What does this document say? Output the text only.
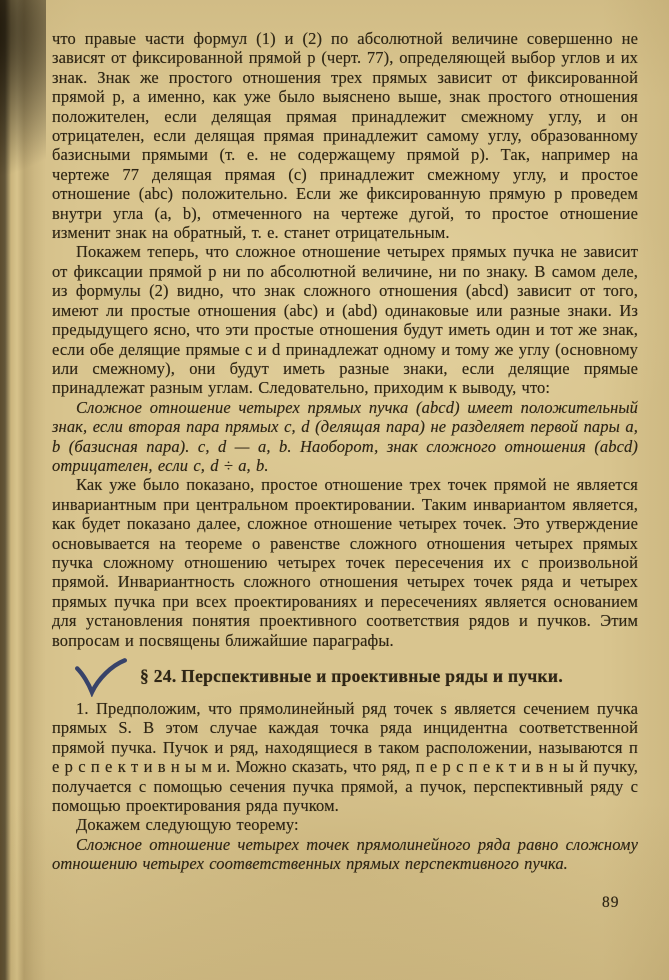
что правые части формул (1) и (2) по абсолютной величине совершенно не зависят от фиксированной прямой p (черт. 77), определяющей выбор углов и их знак. Знак же простого отношения трех прямых зависит от фиксированной прямой p, а именно, как уже было выяснено выше, знак простого отношения положителен, если делящая прямая принадлежит смежному углу, и он отрицателен, если делящая прямая принадлежит самому углу, образованному базисными прямыми (т. е. не содержащему прямой p). Так, например на чертеже 77 делящая прямая (c) принадлежит смежному углу, и простое отношение (abc) положительно. Если же фиксированную прямую p проведем внутри угла (a, b), отмеченного на чертеже дугой, то простое отношение изменит знак на обратный, т. е. станет отрицательным.

Покажем теперь, что сложное отношение четырех прямых пучка не зависит от фиксации прямой p ни по абсолютной величине, ни по знаку. В самом деле, из формулы (2) видно, что знак сложного отношения (abcd) зависит от того, имеют ли простые отношения (abc) и (abd) одинаковые или разные знаки. Из предыдущего ясно, что эти простые отношения будут иметь один и тот же знак, если обе делящие прямые c и d принадлежат одному и тому же углу (основному или смежному), они будут иметь разные знаки, если делящие прямые принадлежат разным углам. Следовательно, приходим к выводу, что:

Сложное отношение четырех прямых пучка (abcd) имеет положительный знак, если вторая пара прямых c, d (делящая пара) не разделяет первой пары a, b (базисная пара). c, d — a, b. Наоборот, знак сложного отношения (abcd) отрицателен, если c, d ÷ a, b.

Как уже было показано, простое отношение трех точек прямой не является инвариантным при центральном проектировании. Таким инвариантом является, как будет показано далее, сложное отношение четырех точек. Это утверждение основывается на теореме о равенстве сложного отношения четырех прямых пучка сложному отношению четырех точек пересечения их с произвольной прямой. Инвариантность сложного отношения четырех точек ряда и четырех прямых пучка при всех проектированиях и пересечениях является основанием для установления понятия проективного соответствия рядов и пучков. Этим вопросам и посвящены ближайшие параграфы.

§ 24. Перспективные и проективные ряды и пучки.

1. Предположим, что прямолинейный ряд точек s является сечением пучка прямых S. В этом случае каждая точка ряда инцидентна соответственной прямой пучка. Пучок и ряд, находящиеся в таком расположении, называются п е р с п е к т и в н ы м и. Можно сказать, что ряд, п е р с п е к т и в н ы й пучку, получается с помощью сечения пучка прямой, а пучок, перспективный ряду с помощью проектирования ряда пучком.

Докажем следующую теорему:

Сложное отношение четырех точек прямолинейного ряда равно сложному отношению четырех соответственных прямых перспективного пучка.

89
